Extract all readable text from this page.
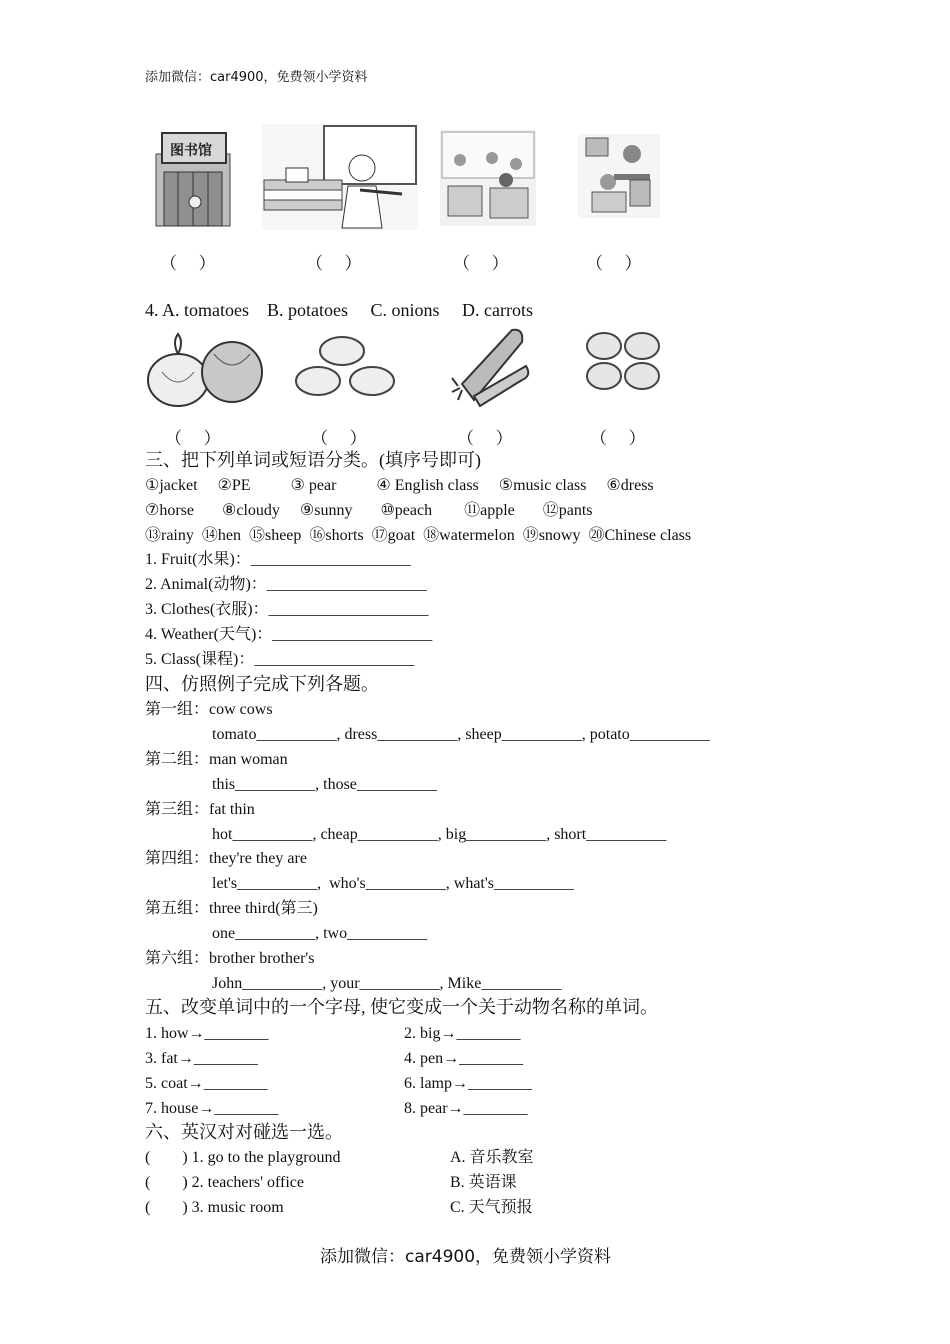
添加微信：car4900，免费领小学资料
图书馆
（    ）	（    ）	（    ）	（    ）
4. A. tomatoes    B. potatoes     C. onions     D. carrots
（    ）	（    ）	（    ）	（    ）
三、把下列单词或短语分类。(填序号即可)
①jacket     ②PE          ③ pear          ④ English class     ⑤music class     ⑥dress
⑦horse       ⑧cloudy     ⑨sunny       ⑩peach        ⑪apple       ⑫pants
⑬rainy  ⑭hen  ⑮sheep  ⑯shorts  ⑰goat  ⑱watermelon  ⑲snowy  ⑳Chinese class
1. Fruit(水果)：____________________
2. Animal(动物)：____________________
3. Clothes(衣服)：____________________
4. Weather(天气)：____________________
5. Class(课程)：____________________
四、仿照例子完成下列各题。
第一组：cow cows
tomato__________, dress__________, sheep__________, potato__________
第二组：man woman
this__________, those__________
第三组：fat thin
hot__________, cheap__________, big__________, short__________
第四组：they're they are
let's__________,  who's__________, what's__________
第五组：three third(第三)
one__________, two__________
第六组：brother brother's
John__________, your__________, Mike__________
五、改变单词中的一个字母, 使它变成一个关于动物名称的单词。
1. how→________	2. big→________
3. fat→________	4. pen→________
5. coat→________	6. lamp→________
7. house→________	8. pear→________
六、英汉对对碰选一选。
(        ) 1. go to the playground	A. 音乐教室
(        ) 2. teachers' office	B. 英语课
(        ) 3. music room	C. 天气预报
添加微信：car4900，免费领小学资料
